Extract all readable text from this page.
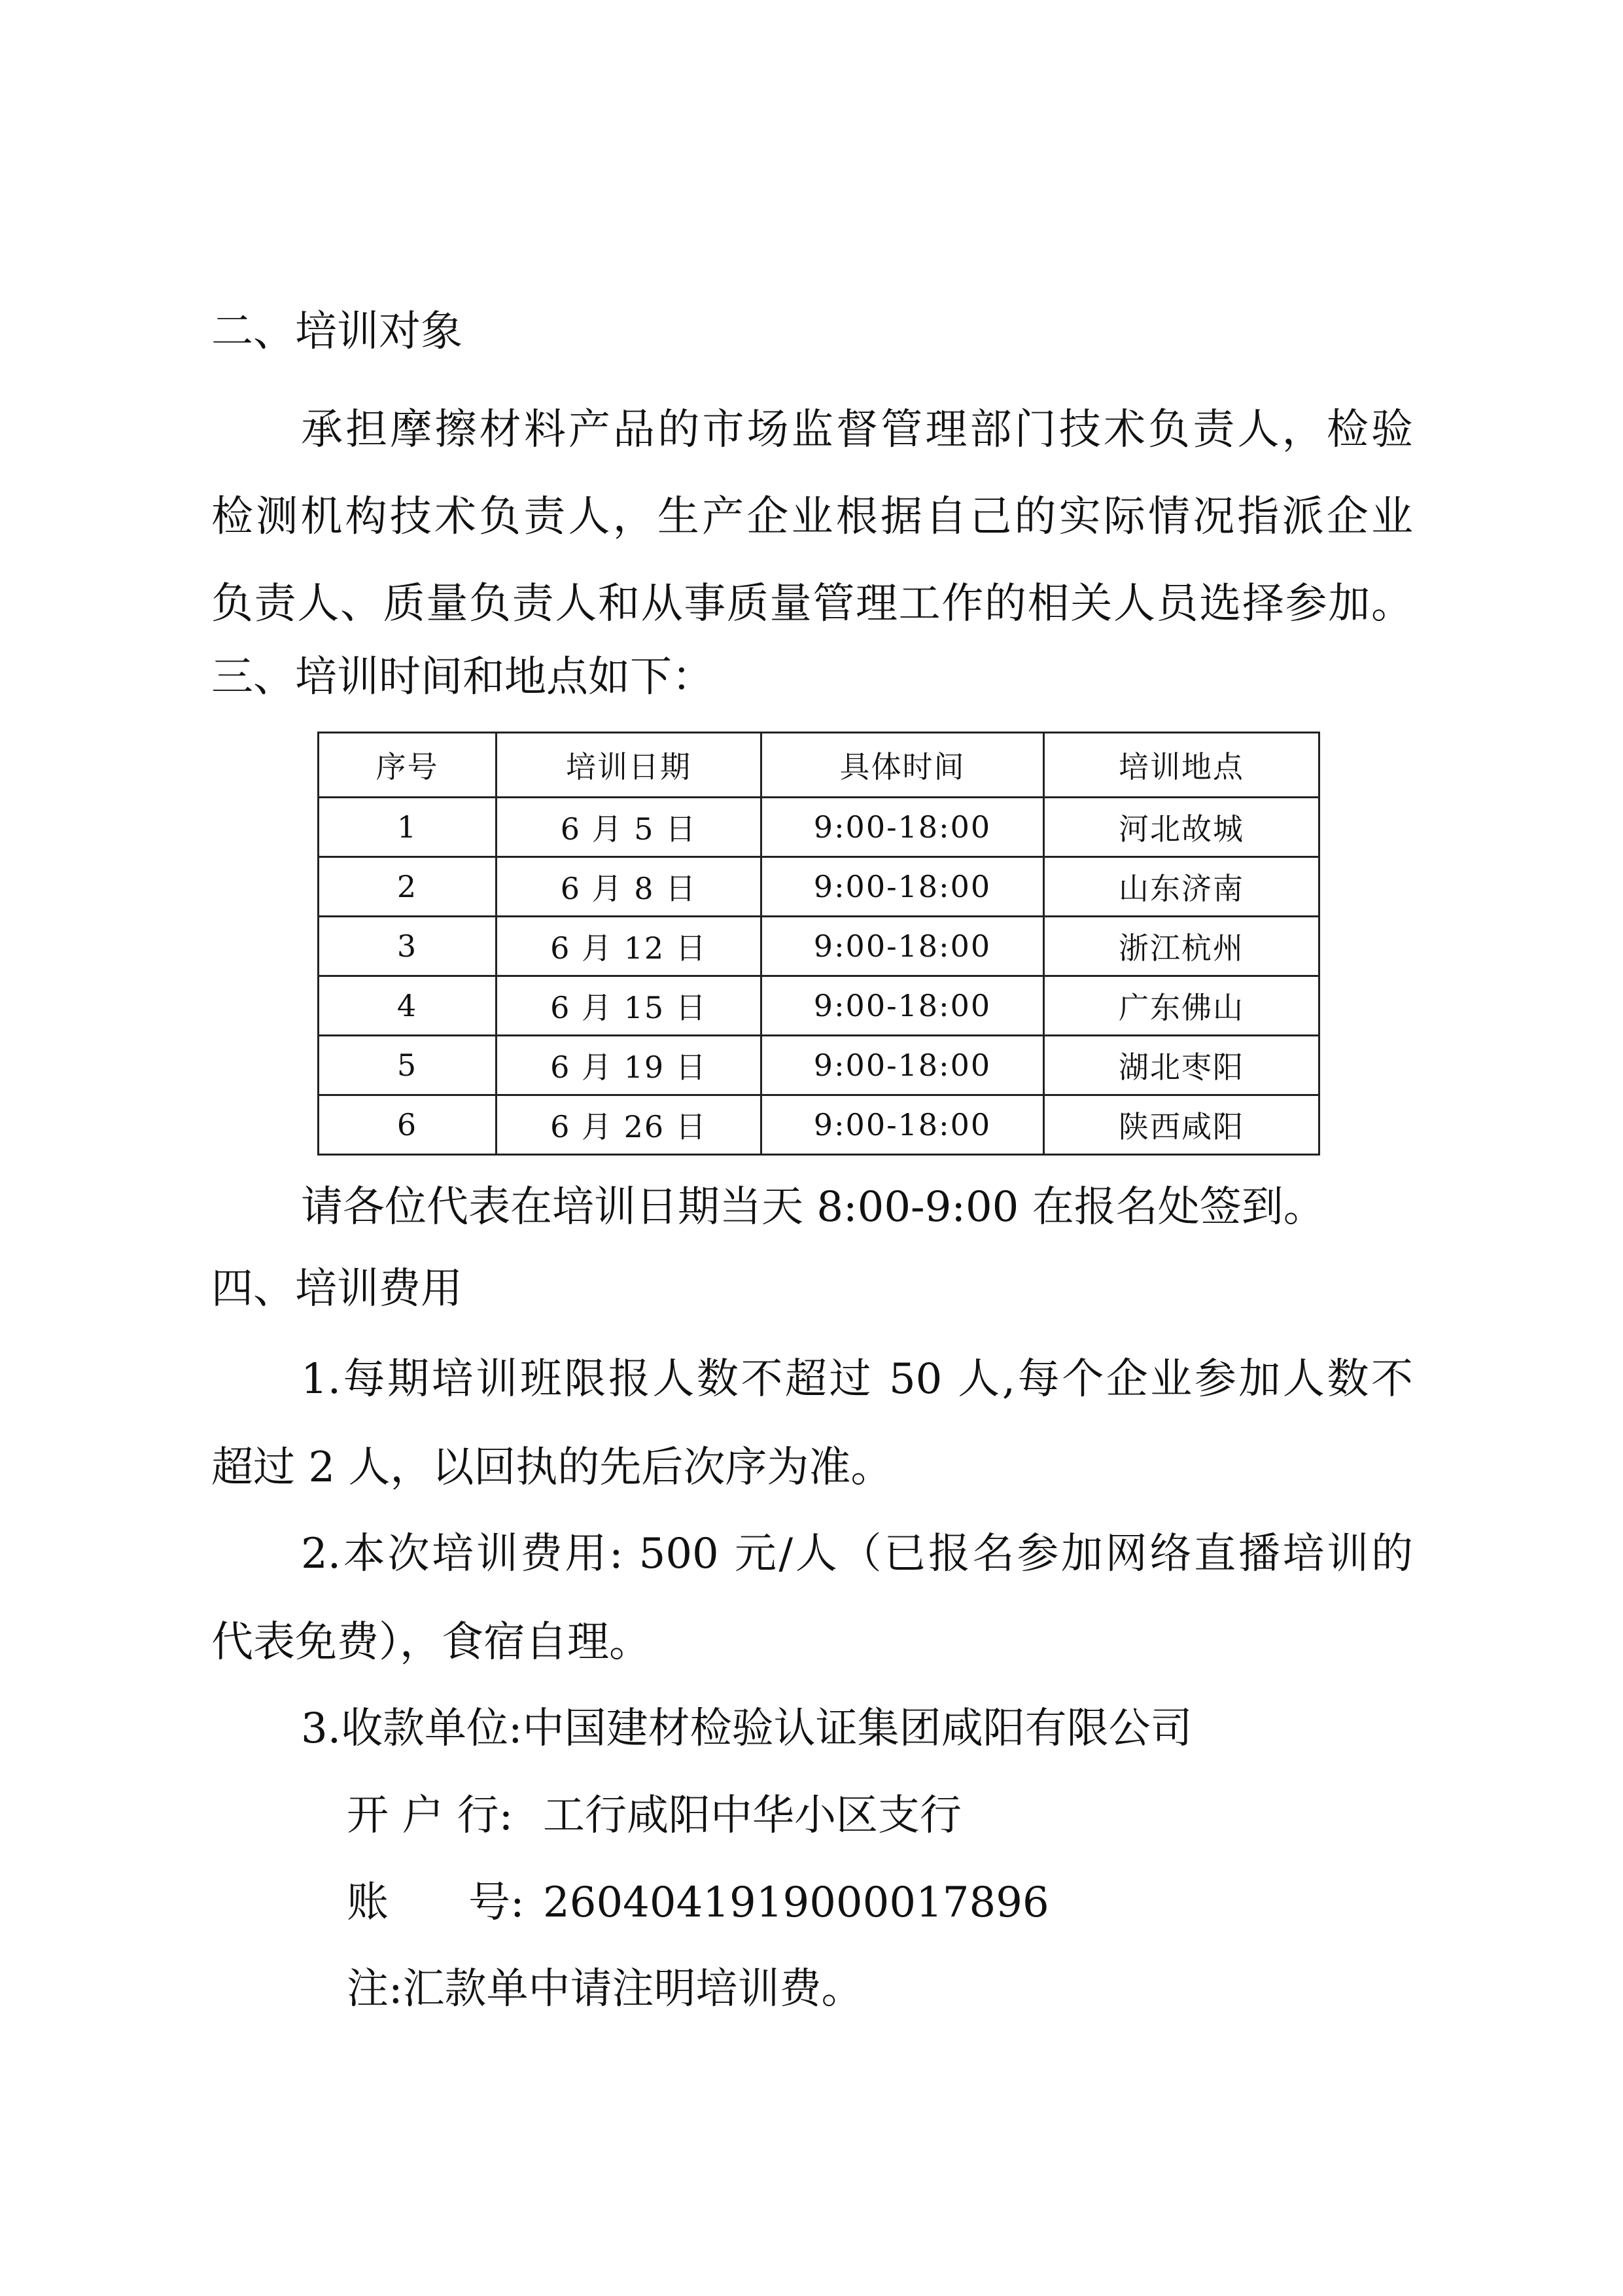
二、培训对象

承担摩擦材料产品的市场监督管理部门技术负责人，检验

检测机构技术负责人，生产企业根据自己的实际情况指派企业

负责人、质量负责人和从事质量管理工作的相关人员选择参加。

三、培训时间和地点如下：

序号	培训日期	具体时间	培训地点
1	6 月 5 日	9:00-18:00	河北故城
2	6 月 8 日	9:00-18:00	山东济南
3	6 月 12 日	9:00-18:00	浙江杭州
4	6 月 15 日	9:00-18:00	广东佛山
5	6 月 19 日	9:00-18:00	湖北枣阳
6	6 月 26 日	9:00-18:00	陕西咸阳

请各位代表在培训日期当天 8:00-9:00 在报名处签到。

四、培训费用

1.每期培训班限报人数不超过 50 人,每个企业参加人数不

超过 2 人，以回执的先后次序为准。

2.本次培训费用: 500 元/人（已报名参加网络直播培训的

代表免费），食宿自理。

3.收款单位:中国建材检验认证集团咸阳有限公司

开 户 行: 工行咸阳中华小区支行

账      号: 2604041919000017896

注:汇款单中请注明培训费。
